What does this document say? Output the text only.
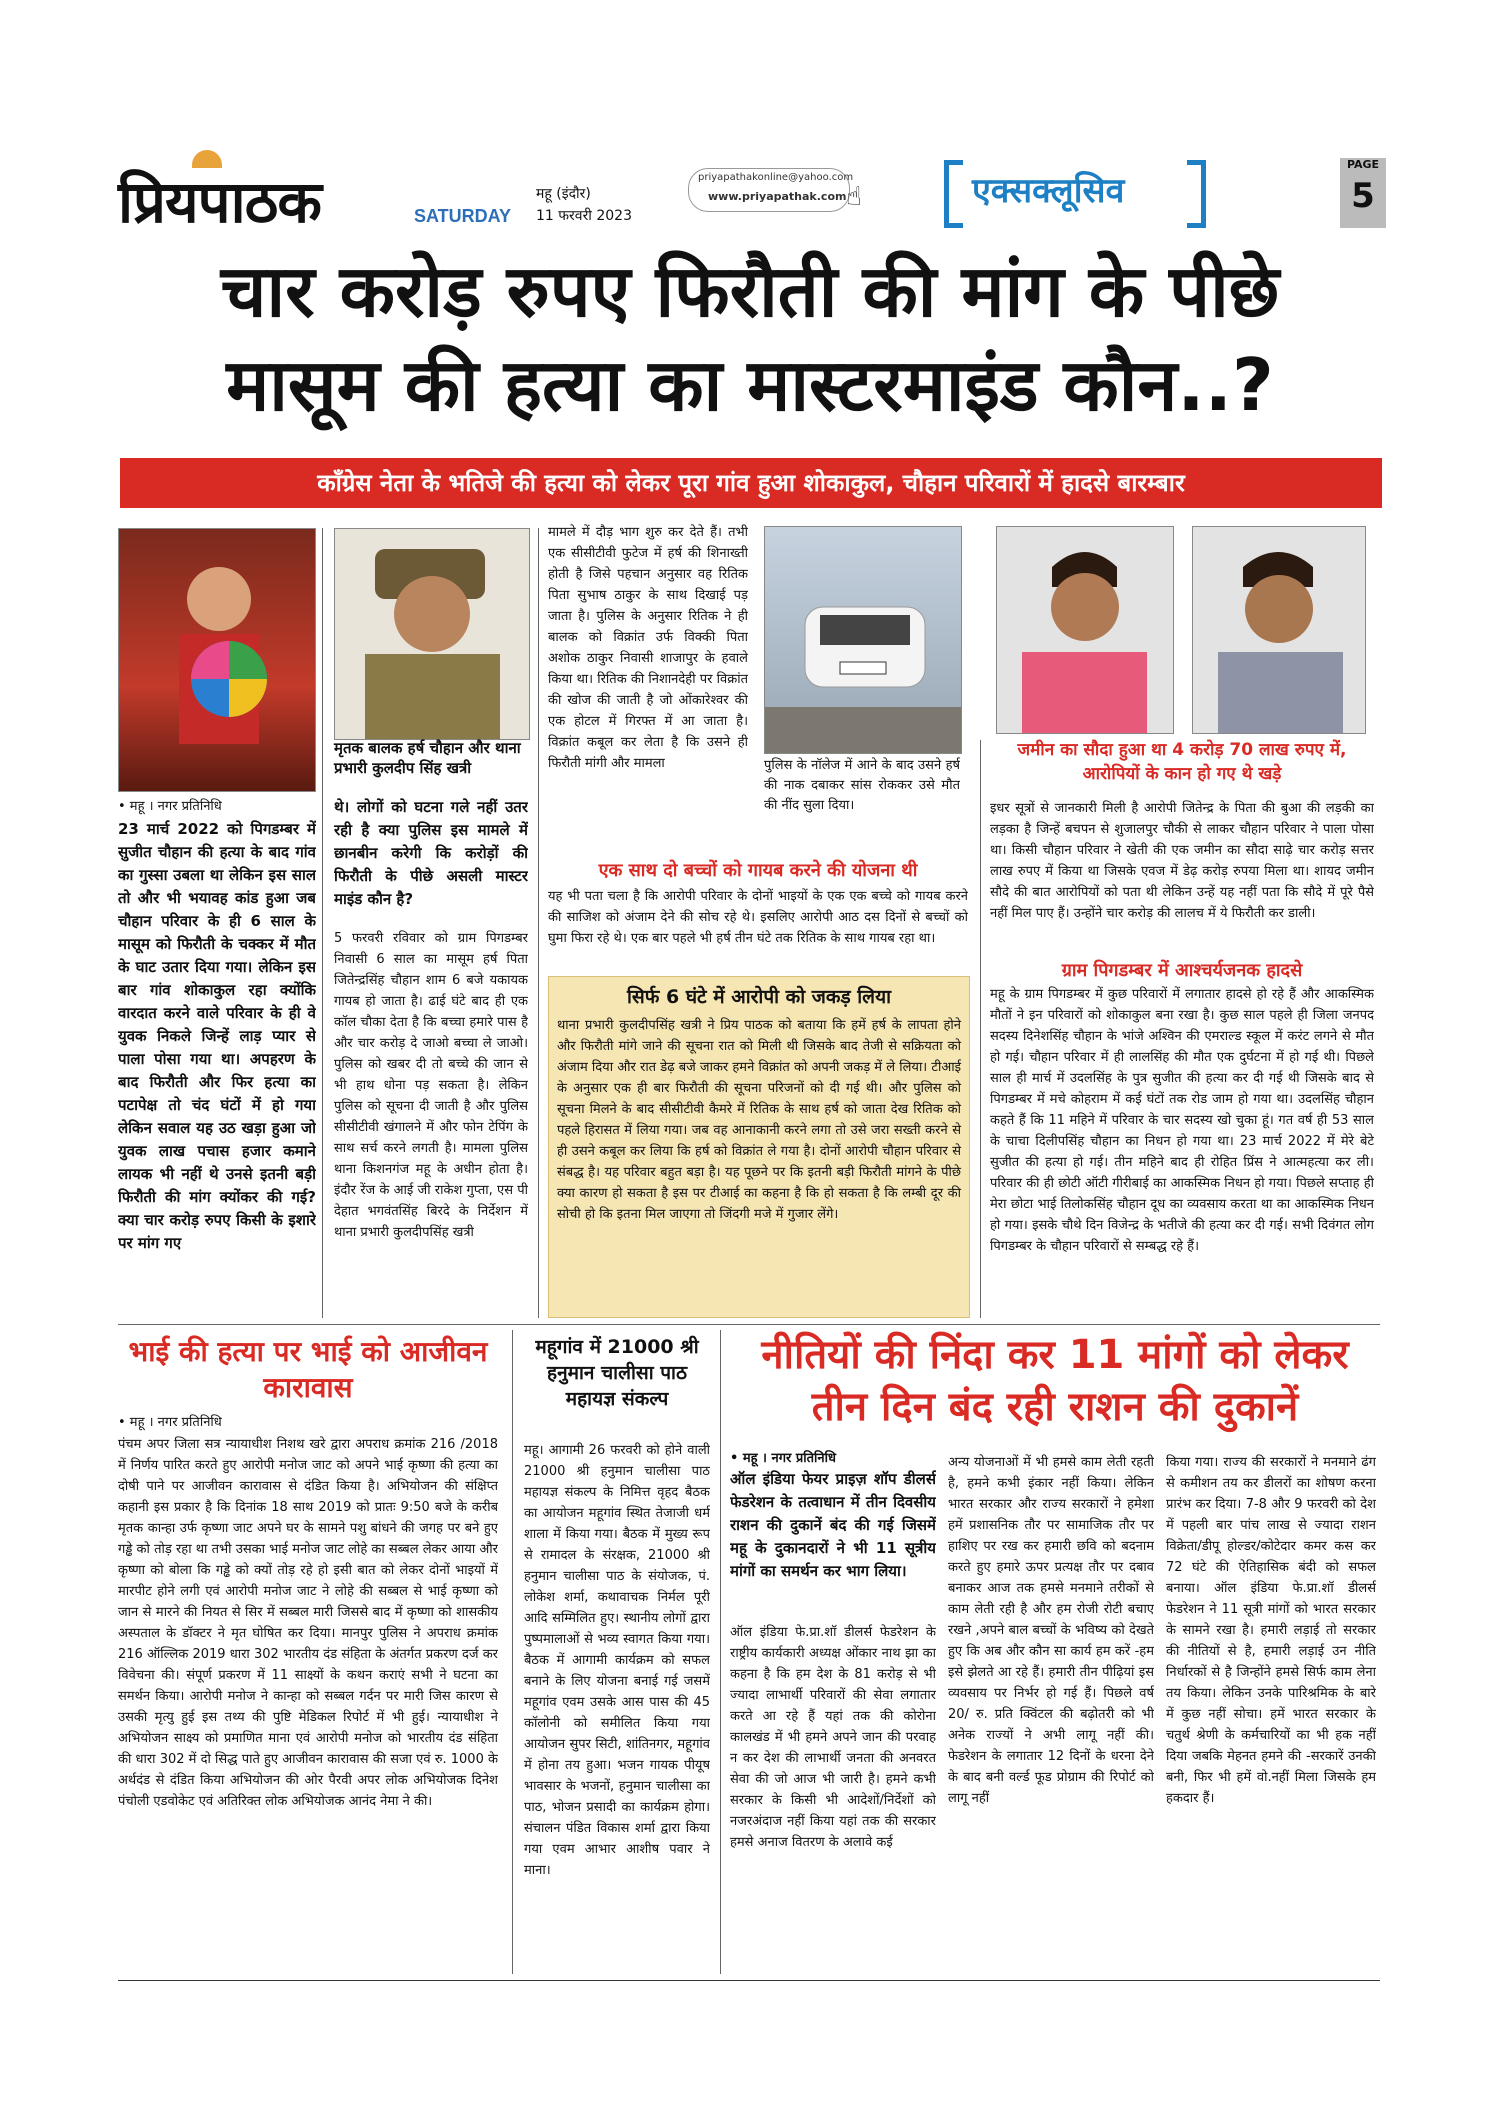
प्रियपाठक	SATURDAY
महू (इंदौर)
11 फरवरी 2023
priyapathakonline@yahoo.com
www.priyapathak.com ☝	एक्सक्लूसिव
PAGE
5
चार करोड़ रुपए फिरौती की मांग के पीछे
मासूम की हत्या का मास्टरमाइंड कौन..?
कॉंग्रेस नेता के भतिजे की हत्या को लेकर पूरा गांव हुआ शोकाकुल, चौहान परिवारों में हादसे बारम्बार
मृतक बालक हर्ष चौहान और थाना प्रभारी कुलदीप सिंह खत्री	पुलिस के नॉलेज में आने के बाद उसने हर्ष की नाक दबाकर सांस रोककर उसे मौत की नींद सुला दिया।
• महू । नगर प्रतिनिधि
23 मार्च 2022 को पिगडम्बर में सुजीत चौहान की हत्या के बाद गांव का गुस्सा उबला था लेकिन इस साल तो और भी भयावह कांड हुआ जब चौहान परिवार के ही 6 साल के मासूम को फिरौती के चक्कर में मौत के घाट उतार दिया गया। लेकिन इस बार गांव शोकाकुल रहा क्योंकि वारदात करने वाले परिवार के ही वे युवक निकले जिन्हें लाड़ प्यार से पाला पोसा गया था। अपहरण के बाद फिरौती और फिर हत्या का पटापेक्ष तो चंद घंटों में हो गया लेकिन सवाल यह उठ खड़ा हुआ जो युवक लाख पचास हजार कमाने लायक भी नहीं थे उनसे इतनी बड़ी फिरौती की मांग क्योंकर की गई? क्या चार करोड़ रुपए किसी के इशारे पर मांग गए
थे। लोगों को घटना गले नहीं उतर रही है क्या पुलिस इस मामले में छानबीन करेगी कि करोड़ों की फिरौती के पीछे असली मास्टर माइंड कौन है?
5 फरवरी रविवार को ग्राम पिगडम्बर निवासी 6 साल का मासूम हर्ष पिता जितेन्द्रसिंह चौहान शाम 6 बजे यकायक गायब हो जाता है। ढाई घंटे बाद ही एक कॉल चौका देता है कि बच्चा हमारे पास है और चार करोड़ दे जाओ बच्चा ले जाओ। पुलिस को खबर दी तो बच्चे की जान से भी हाथ धोना पड़ सकता है। लेकिन पुलिस को सूचना दी जाती है और पुलिस सीसीटीवी खंगालने में और फोन टेपिंग के साथ सर्च करने लगती है। मामला पुलिस थाना किशनगंज महू के अधीन होता है। इंदौर रेंज के आई जी राकेश गुप्ता, एस पी देहात भगवंतसिंह बिरदे के निर्देशन में थाना प्रभारी कुलदीपसिंह खत्री
मामले में दौड़ भाग शुरु कर देते हैं। तभी एक सीसीटीवी फुटेज में हर्ष की शिनाख्ती होती है जिसे पहचान अनुसार वह रितिक पिता सुभाष ठाकुर के साथ दिखाई पड़ जाता है। पुलिस के अनुसार रितिक ने ही बालक को विक्रांत उर्फ विक्की पिता अशोक ठाकुर निवासी शाजापुर के हवाले किया था। रितिक की निशानदेही पर विक्रांत की खोज की जाती है जो ओंकारेश्वर की एक होटल में गिरफ्त में आ जाता है। विक्रांत कबूल कर लेता है कि उसने ही फिरौती मांगी और मामला
एक साथ दो बच्चों को गायब करने की योजना थी
यह भी पता चला है कि आरोपी परिवार के दोनों भाइयों के एक एक बच्चे को गायब करने की साजिश को अंजाम देने की सोच रहे थे। इसलिए आरोपी आठ दस दिनों से बच्चों को घुमा फिरा रहे थे। एक बार पहले भी हर्ष तीन घंटे तक रितिक के साथ गायब रहा था।
सिर्फ 6 घंटे में आरोपी को जकड़ लिया
थाना प्रभारी कुलदीपसिंह खत्री ने प्रिय पाठक को बताया कि हमें हर्ष के लापता होने और फिरौती मांगे जाने की सूचना रात को मिली थी जिसके बाद तेजी से सक्रियता को अंजाम दिया और रात डेढ़ बजे जाकर हमने विक्रांत को अपनी जकड़ में ले लिया। टीआई के अनुसार एक ही बार फिरौती की सूचना परिजनों को दी गई थी। और पुलिस को सूचना मिलने के बाद सीसीटीवी कैमरे में रितिक के साथ हर्ष को जाता देख रितिक को पहले हिरासत में लिया गया। जब वह आनाकानी करने लगा तो उसे जरा सख्ती करने से ही उसने कबूल कर लिया कि हर्ष को विक्रांत ले गया है। दोनों आरोपी चौहान परिवार से संबद्ध है। यह परिवार बहुत बड़ा है। यह पूछने पर कि इतनी बड़ी फिरौती मांगने के पीछे क्या कारण हो सकता है इस पर टीआई का कहना है कि हो सकता है कि लम्बी दूर की सोची हो कि इतना मिल जाएगा तो जिंदगी मजे में गुजार लेंगे।
जमीन का सौदा हुआ था 4 करोड़ 70 लाख रुपए में, आरोपियों के कान हो गए थे खड़े
इधर सूत्रों से जानकारी मिली है आरोपी जितेन्द्र के पिता की बुआ की लड़की का लड़का है जिन्हें बचपन से शुजालपुर चौकी से लाकर चौहान परिवार ने पाला पोसा था। किसी चौहान परिवार ने खेती की एक जमीन का सौदा साढ़े चार करोड़ सत्तर लाख रुपए में किया था जिसके एवज में डेढ़ करोड़ रुपया मिला था। शायद जमीन सौदे की बात आरोपियों को पता थी लेकिन उन्हें यह नहीं पता कि सौदे में पूरे पैसे नहीं मिल पाए हैं। उन्होंने चार करोड़ की लालच में ये फिरौती कर डाली।
ग्राम पिगडम्बर में आश्चर्यजनक हादसे
महू के ग्राम पिगडम्बर में कुछ परिवारों में लगातार हादसे हो रहे हैं और आकस्मिक मौतों ने इन परिवारों को शोकाकुल बना रखा है। कुछ साल पहले ही जिला जनपद सदस्य दिनेशसिंह चौहान के भांजे अश्विन की एमराल्ड स्कूल में करंट लगने से मौत हो गई। चौहान परिवार में ही लालसिंह की मौत एक दुर्घटना में हो गई थी। पिछले साल ही मार्च में उदलसिंह के पुत्र सुजीत की हत्या कर दी गई थी जिसके बाद से पिगडम्बर में मचे कोहराम में कई घंटों तक रोड जाम हो गया था। उदलसिंह चौहान कहते हैं कि 11 महिने में परिवार के चार सदस्य खो चुका हूं। गत वर्ष ही 53 साल के चाचा दिलीपसिंह चौहान का निधन हो गया था। 23 मार्च 2022 में मेरे बेटे सुजीत की हत्या हो गई। तीन महिने बाद ही रोहित प्रिंस ने आत्महत्या कर ली। परिवार की ही छोटी ऑटी गीरीबाई का आकस्मिक निधन हो गया। पिछले सप्ताह ही मेरा छोटा भाई तिलोकसिंह चौहान दूध का व्यवसाय करता था का आकस्मिक निधन हो गया। इसके चौथे दिन विजेन्द्र के भतीजे की हत्या कर दी गई। सभी दिवंगत लोग पिगडम्बर के चौहान परिवारों से सम्बद्ध रहे हैं।
भाई की हत्या पर भाई को आजीवन कारावास
• महू । नगर प्रतिनिधि
पंचम अपर जिला सत्र न्यायाधीश निशथ खरे द्वारा अपराध क्रमांक 216 /2018 में निर्णय पारित करते हुए आरोपी मनोज जाट को अपने भाई कृष्णा की हत्या का दोषी पाने पर आजीवन कारावास से दंडित किया है। अभियोजन की संक्षिप्त कहानी इस प्रकार है कि दिनांक 18 साथ 2019 को प्रातः 9:50 बजे के करीब मृतक कान्हा उर्फ कृष्णा जाट अपने घर के सामने पशु बांधने की जगह पर बने हुए गड्ढे को तोड़ रहा था तभी उसका भाई मनोज जाट लोहे का सब्बल लेकर आया और कृष्णा को बोला कि गड्ढे को क्यों तोड़ रहे हो इसी बात को लेकर दोनों भाइयों में मारपीट होने लगी एवं आरोपी मनोज जाट ने लोहे की सब्बल से भाई कृष्णा को जान से मारने की नियत से सिर में सब्बल मारी जिससे बाद में कृष्णा को शासकीय अस्पताल के डॉक्टर ने मृत घोषित कर दिया। मानपुर पुलिस ने अपराध क्रमांक 216 ऑल्लिक 2019 धारा 302 भारतीय दंड संहिता के अंतर्गत प्रकरण दर्ज कर विवेचना की। संपूर्ण प्रकरण में 11 साक्ष्यों के कथन कराएं सभी ने घटना का समर्थन किया। आरोपी मनोज ने कान्हा को सब्बल गर्दन पर मारी जिस कारण से उसकी मृत्यु हुई इस तथ्य की पुष्टि मेडिकल रिपोर्ट में भी हुई। न्यायाधीश ने अभियोजन साक्ष्य को प्रमाणित माना एवं आरोपी मनोज को भारतीय दंड संहिता की धारा 302 में दो सिद्ध पाते हुए आजीवन कारावास की सजा एवं रु. 1000 के अर्थदंड से दंडित किया अभियोजन की ओर पैरवी अपर लोक अभियोजक दिनेश पंचोली एडवोकेट एवं अतिरिक्त लोक अभियोजक आनंद नेमा ने की।
महूगांव में 21000 श्री हनुमान चालीसा पाठ महायज्ञ संकल्प
महू। आगामी 26 फरवरी को होने वाली 21000 श्री हनुमान चालीसा पाठ महायज्ञ संकल्प के निमित्त वृहद बैठक का आयोजन महूगांव स्थित तेजाजी धर्म शाला में किया गया। बैठक में मुख्य रूप से रामादल के संरक्षक, 21000 श्री हनुमान चालीसा पाठ के संयोजक, पं. लोकेश शर्मा, कथावाचक निर्मल पूरी आदि सम्मिलित हुए। स्थानीय लोगों द्वारा पुष्पमालाओं से भव्य स्वागत किया गया। बैठक में आगामी कार्यक्रम को सफल बनाने के लिए योजना बनाई गई जसमें महूगांव एवम उसके आस पास की 45 कॉलोनी को समीलित किया गया आयोजन सुपर सिटी, शांतिनगर, महूगांव में होना तय हुआ। भजन गायक पीयूष भावसार के भजनों, हनुमान चालीसा का पाठ, भोजन प्रसादी का कार्यक्रम होगा। संचालन पंडित विकास शर्मा द्वारा किया गया एवम आभार आशीष पवार ने माना।
नीतियों की निंदा कर 11 मांगों को लेकर
तीन दिन बंद रही राशन की दुकानें
• महू । नगर प्रतिनिधि
ऑल इंडिया फेयर प्राइज़ शॉप डीलर्स फेडरेशन के तत्वाधान में तीन दिवसीय राशन की दुकानें बंद की गई जिसमें महू के दुकानदारों ने भी 11 सूत्रीय मांगों का समर्थन कर भाग लिया।
ऑल इंडिया फे.प्रा.शॉ डीलर्स फेडरेशन के राष्ट्रीय कार्यकारी अध्यक्ष ओंकार नाथ झा का कहना है कि हम देश के 81 करोड़ से भी ज्यादा लाभार्थी परिवारों की सेवा लगातार करते आ रहे हैं यहां तक की कोरोना कालखंड में भी हमने अपने जान की परवाह न कर देश की लाभार्थी जनता की अनवरत सेवा की जो आज भी जारी है। हमने कभी सरकार के किसी भी आदेशों/निर्देशों को नजरअंदाज नहीं किया यहां तक की सरकार हमसे अनाज वितरण के अलावे कई
अन्य योजनाओं में भी हमसे काम लेती रहती है, हमने कभी इंकार नहीं किया। लेकिन भारत सरकार और राज्य सरकारों ने हमेशा हमें प्रशासनिक तौर पर सामाजिक तौर पर हाशिए पर रख कर हमारी छवि को बदनाम करते हुए हमारे ऊपर प्रत्यक्ष तौर पर दबाव बनाकर आज तक हमसे मनमाने तरीकों से काम लेती रही है और हम रोजी रोटी बचाए रखने ,अपने बाल बच्चों के भविष्य को देखते हुए कि अब और कौन सा कार्य हम करें -हम इसे झेलते आ रहे हैं। हमारी तीन पीढ़ियां इस व्यवसाय पर निर्भर हो गई हैं। पिछले वर्ष 20/ रु. प्रति क्विंटल की बढ़ोतरी को भी अनेक राज्यों ने अभी लागू नहीं की। फेडरेशन के लगातार 12 दिनों के धरना देने के बाद बनी वर्ल्ड फूड प्रोग्राम की रिपोर्ट को लागू नहीं
किया गया। राज्य की सरकारों ने मनमाने ढंग से कमीशन तय कर डीलरों का शोषण करना प्रारंभ कर दिया। 7-8 और 9 फरवरी को देश में पहली बार पांच लाख से ज्यादा राशन विक्रेता/डीपू होल्डर/कोटेदार कमर कस कर 72 घंटे की ऐतिहासिक बंदी को सफल बनाया। ऑल इंडिया फे.प्रा.शॉ डीलर्स फेडरेशन ने 11 सूत्री मांगों को भारत सरकार के सामने रखा है। हमारी लड़ाई तो सरकार की नीतियों से है, हमारी लड़ाई उन नीति निर्धारकों से है जिन्होंने हमसे सिर्फ काम लेना तय किया। लेकिन उनके पारिश्रमिक के बारे में कुछ नहीं सोचा। हमें भारत सरकार के चतुर्थ श्रेणी के कर्मचारियों का भी हक नहीं दिया जबकि मेहनत हमने की -सरकारें उनकी बनी, फिर भी हमें वो.नहीं मिला जिसके हम हकदार हैं।
